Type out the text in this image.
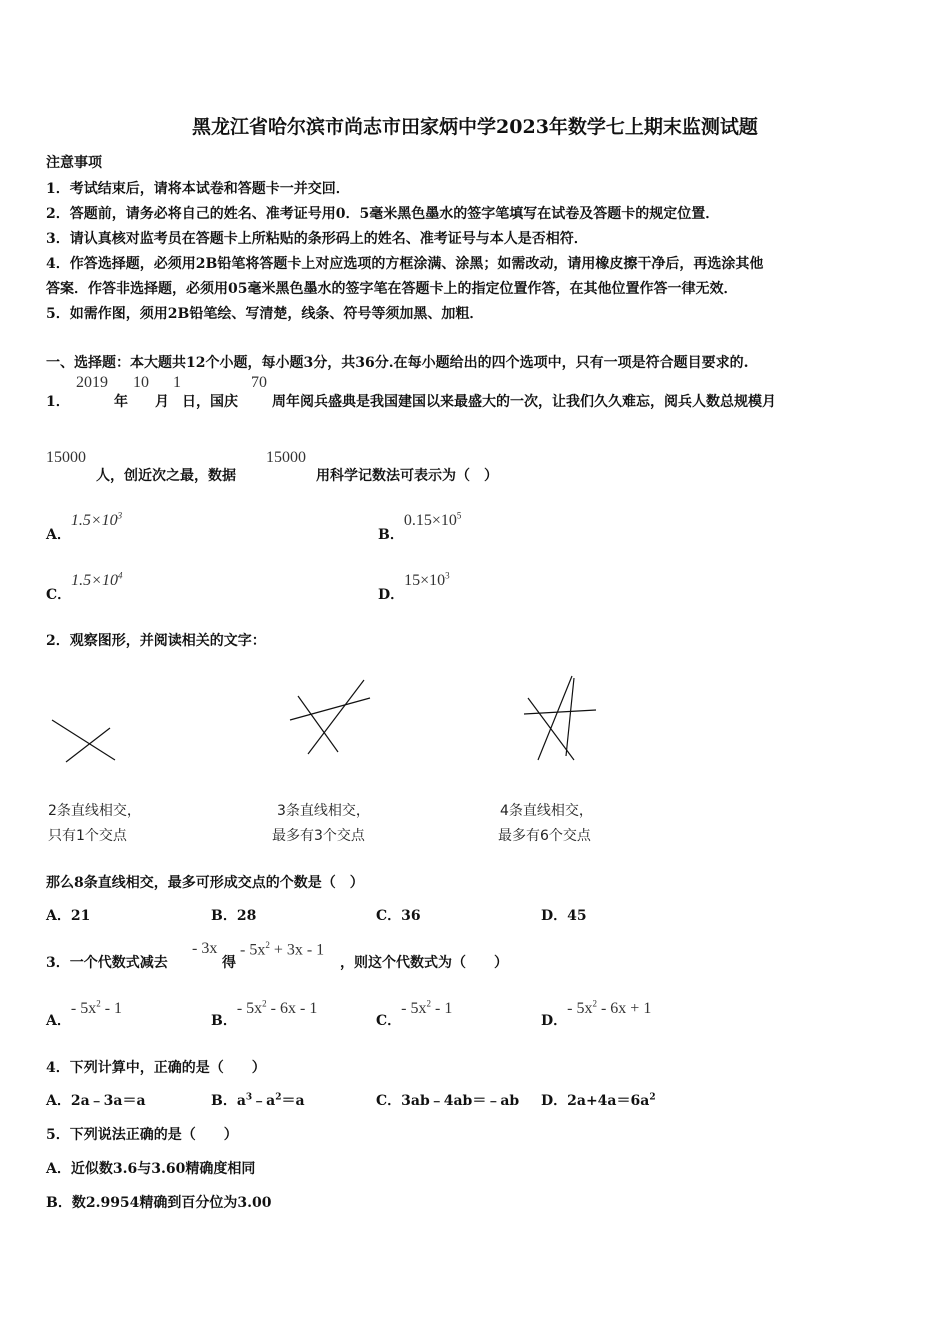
黑龙江省哈尔滨市尚志市田家炳中学2023年数学七上期末监测试题
注意事项
1．考试结束后，请将本试卷和答题卡一并交回．
2．答题前，请务必将自己的姓名、准考证号用0．5毫米黑色墨水的签字笔填写在试卷及答题卡的规定位置．
3．请认真核对监考员在答题卡上所粘贴的条形码上的姓名、准考证号与本人是否相符．
4．作答选择题，必须用2B铅笔将答题卡上对应选项的方框涂满、涂黑；如需改动，请用橡皮擦干净后，再选涂其他
答案．作答非选择题，必须用05毫米黑色墨水的签字笔在答题卡上的指定位置作答，在其他位置作答一律无效．
5．如需作图，须用2B铅笔绘、写清楚，线条、符号等须加黑、加粗．
一、选择题：本大题共12个小题，每小题3分，共36分.在每小题给出的四个选项中，只有一项是符合题目要求的.
1．
2019
年
10
月
1
日，国庆
70
周年阅兵盛典是我国建国以来最盛大的一次，让我们久久难忘，阅兵人数总规模月
15000
人，创近次之最，数据
15000
用科学记数法可表示为（　）
A．$1.5\times 10^3$
B．$0.15\times 10^5$
C．$1.5\times 10^4$
D．$15\times 10^3$
2．观察图形，并阅读相关的文字：
2条直线相交，
只有1个交点
3条直线相交，
最多有3个交点
4条直线相交，
最多有6个交点
那么8条直线相交，最多可形成交点的个数是（　）
A．21	B．28	C．36	D．45
3．一个代数式减去
- 3x
得
- $5x^2 + 3x - 1$
，则这个代数式为（　　）
A．- $5x^2 - 1$
B．- $5x^2 - 6x - 1$
C．- $5x^2 - 1$
D．- $5x^2 - 6x + 1$
4．下列计算中，正确的是（　　）
A．2a﹣3a＝a	B．$a^3﹣a^2=a$	C．3ab﹣4ab＝﹣ab D．$2a+4a=6a^2$
5．下列说法正确的是（　　）
A．近似数3.6与3.60精确度相同
B．数2.9954精确到百分位为3.00
